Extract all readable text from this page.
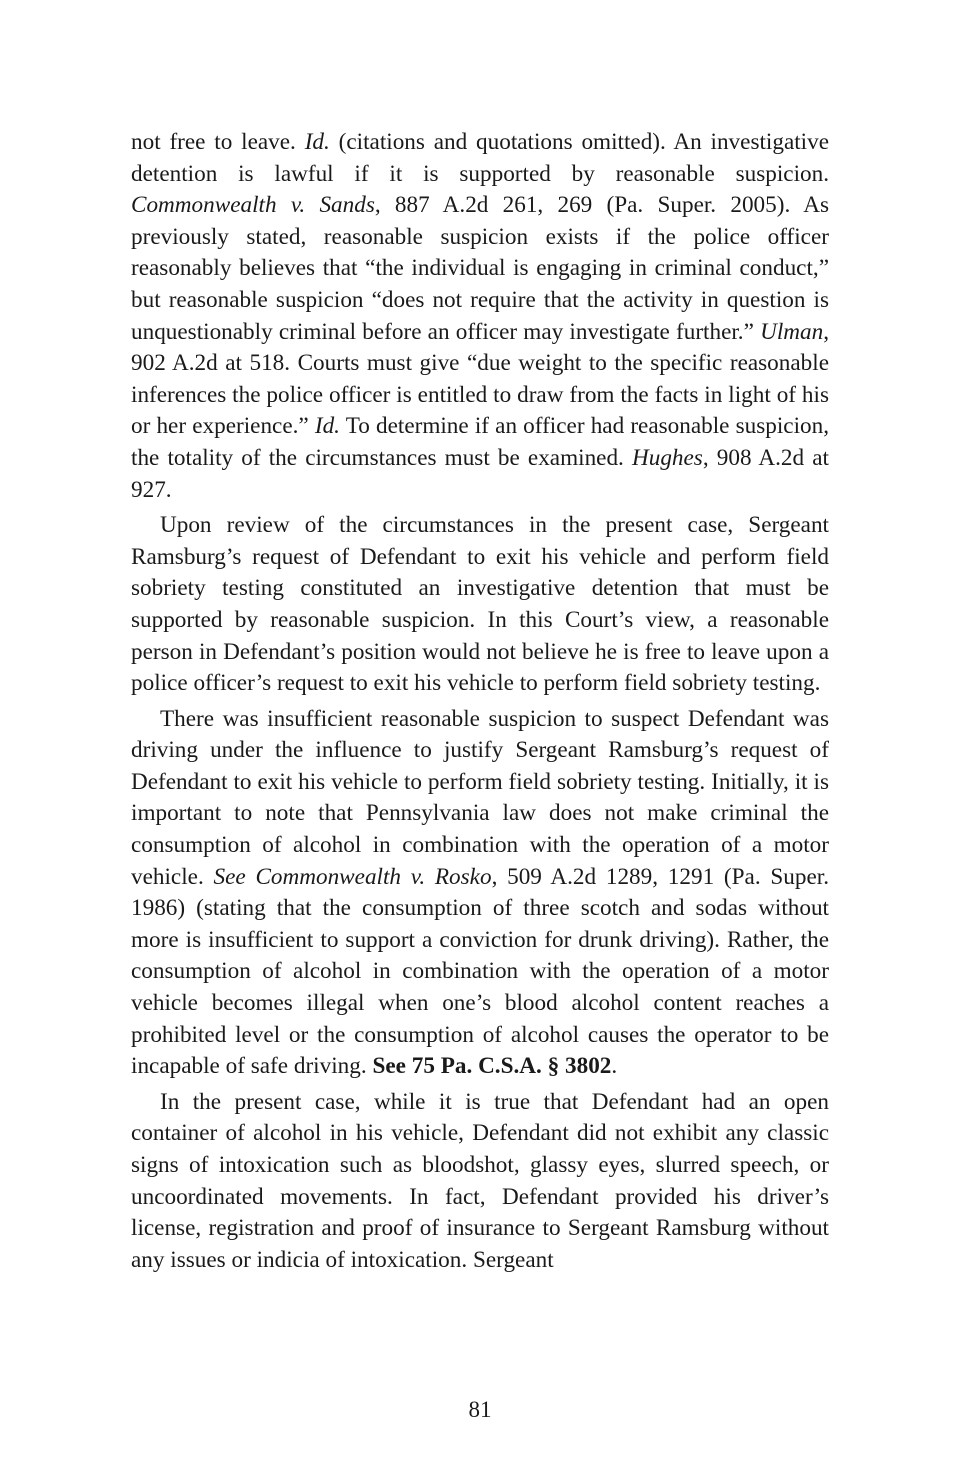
not free to leave. Id. (citations and quotations omitted). An investigative detention is lawful if it is supported by reasonable suspicion. Commonwealth v. Sands, 887 A.2d 261, 269 (Pa. Super. 2005). As previously stated, reasonable suspicion exists if the police officer reasonably believes that “the individual is engaging in criminal conduct,” but reasonable suspicion “does not require that the activity in question is unquestionably criminal before an officer may investigate further.” Ulman, 902 A.2d at 518. Courts must give “due weight to the specific reasonable inferences the police officer is entitled to draw from the facts in light of his or her experience.” Id. To determine if an officer had reasonable suspicion, the totality of the circumstances must be examined. Hughes, 908 A.2d at 927.

Upon review of the circumstances in the present case, Sergeant Ramsburg’s request of Defendant to exit his vehicle and perform field sobriety testing constituted an investigative detention that must be supported by reasonable suspicion. In this Court’s view, a reasonable person in Defendant’s position would not believe he is free to leave upon a police officer’s request to exit his vehicle to perform field sobriety testing.

There was insufficient reasonable suspicion to suspect Defendant was driving under the influence to justify Sergeant Ramsburg’s request of Defendant to exit his vehicle to perform field sobriety testing. Initially, it is important to note that Pennsylvania law does not make criminal the consumption of alcohol in combination with the operation of a motor vehicle. See Commonwealth v. Rosko, 509 A.2d 1289, 1291 (Pa. Super. 1986) (stating that the consumption of three scotch and sodas without more is insufficient to support a conviction for drunk driving). Rather, the consumption of alcohol in combination with the operation of a motor vehicle becomes illegal when one’s blood alcohol content reaches a prohibited level or the consumption of alcohol causes the operator to be incapable of safe driving. See 75 Pa. C.S.A. § 3802.

In the present case, while it is true that Defendant had an open container of alcohol in his vehicle, Defendant did not exhibit any classic signs of intoxication such as bloodshot, glassy eyes, slurred speech, or uncoordinated movements. In fact, Defendant provided his driver’s license, registration and proof of insurance to Sergeant Ramsburg without any issues or indicia of intoxication. Sergeant

81
